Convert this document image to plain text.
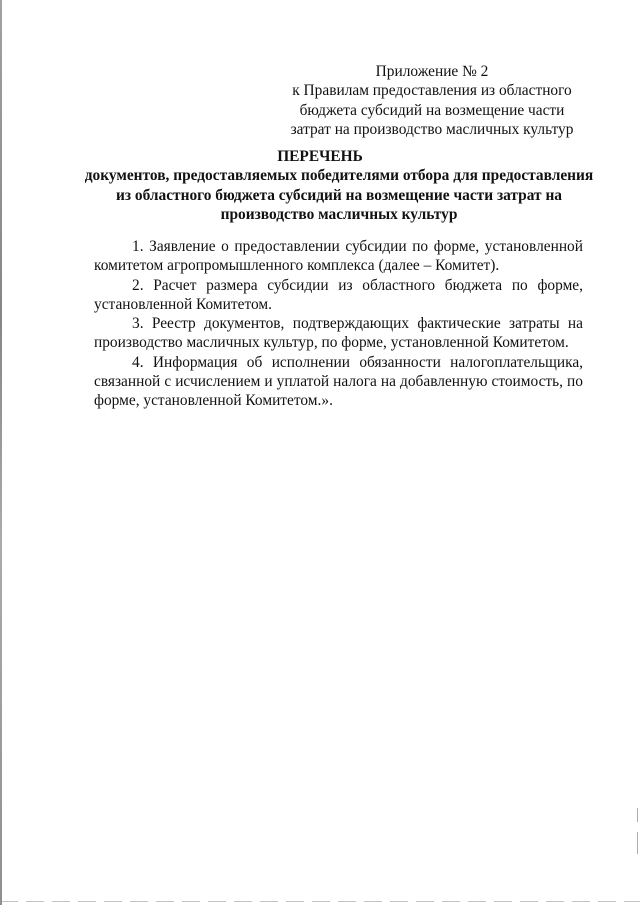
Приложение № 2
к Правилам предоставления из областного
бюджета субсидий на возмещение части
затрат на производство масличных культур
ПЕРЕЧЕНЬ
документов, предоставляемых победителями отбора для предоставления из областного бюджета субсидий на возмещение части затрат на производство масличных культур

1. Заявление о предоставлении субсидии по форме, установленной комитетом агропромышленного комплекса (далее – Комитет).

2. Расчет размера субсидии из областного бюджета по форме, установленной Комитетом.

3. Реестр документов, подтверждающих фактические затраты на производство масличных культур, по форме, установленной Комитетом.

4. Информация об исполнении обязанности налогоплательщика, связанной с исчислением и уплатой налога на добавленную стоимость, по форме, установленной Комитетом.».
